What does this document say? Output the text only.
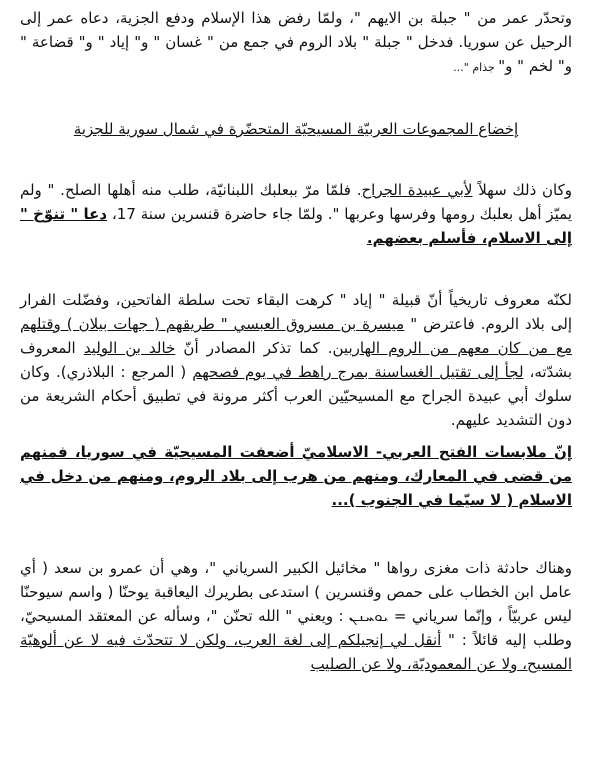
وتحدّر عمر من " جبلة بن الايهم "، ولمّا رفض هذا الإسلام ودفع الجزية، دعاه عمر إلى الرحيل عن سوريا. فدخل " جبلة " بلاد الروم في جمع من " غسان " و" إياد " و" قضاعة " و" لخم " و" جذام "...

إخضاع المجموعات العربيّة المسيحيّة المتحضّرة في شمال سورية للجزية

وكان ذلك سهلاً لأبي عبيدة الجراح. فلمّا مرّ ببعلبك اللبنانيّة، طلب منه أهلها الصلح. " ولم يميّز أهل بعلبك رومها وفرسها وعربها ". ولمّا جاء حاضرة قنسرين سنة 17، دعا " تنوّخ " إلى الاسلام، فأسلم بعضهم.

لكنّه معروف تاريخياً أنّ قبيلة " إياد " كرهت البقاء تحت سلطة الفاتحين، وفضّلت الفرار إلى بلاد الروم. فاعترض " ميسرة بن مسروق العبسي " طريقهم ( جهات بيلان ) وقتلهم مع من كان معهم من الروم الهاربين. كما تذكر المصادر أنّ خالد بن الوليد المعروف بشدّته، لجأ إلى تقتيل الغساسنة بمرج راهط في يوم فصحهم ( المرجع : البلاذري). وكان سلوك أبي عبيدة الجراح مع المسيحيّين العرب أكثر مرونة في تطبيق أحكام الشريعة من دون التشديد عليهم.

إنّ ملابسات الفتح العربي- الاسلاميّ أضعفت المسيحيّة في سوريا، فمنهم من قضى في المعارك، ومنهم من هرب إلى بلاد الروم، ومنهم من دخل في الاسلام ( لا سيّما في الجنوب )...

وهناك حادثة ذات مغزى رواها " مخائيل الكبير السرياني "، وهي أن عمرو بن سعد ( أي عامل ابن الخطاب على حمص وقنسرين ) استدعى بطريرك اليعاقبة يوحنّا ( واسم سيوحنّا ليس عربيّاً ، وإنّما سرياني = ܝܘܚܢܢ : ويعني " الله تحنّن "، وسأله عن المعتقد المسيحيّ، وطلب إليه قائلاً : " أنقل لي إنجيلكم إلى لغة العرب، ولكن لا تتحدّث فيه لا عن ألوهيّة المسيح، ولا عن المعموديّة، ولا عن الصليب
